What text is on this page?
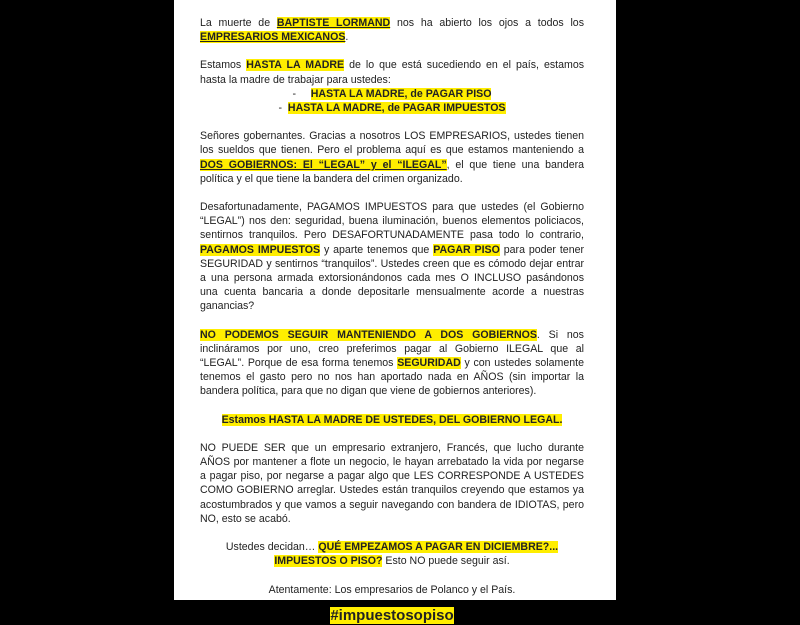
La muerte de BAPTISTE LORMAND nos ha abierto los ojos a todos los EMPRESARIOS MEXICANOS.

Estamos HASTA LA MADRE de lo que está sucediendo en el país, estamos hasta la madre de trabajar para ustedes:

- HASTA LA MADRE, de PAGAR PISO

- HASTA LA MADRE, de PAGAR IMPUESTOS

Señores gobernantes. Gracias a nosotros LOS EMPRESARIOS, ustedes tienen los sueldos que tienen. Pero el problema aquí es que estamos manteniendo a DOS GOBIERNOS: El “LEGAL” y el “ILEGAL”, el que tiene una bandera política y el que tiene la bandera del crimen organizado.

Desafortunadamente, PAGAMOS IMPUESTOS para que ustedes (el Gobierno “LEGAL”) nos den: seguridad, buena iluminación, buenos elementos policiacos, sentirnos tranquilos. Pero DESAFORTUNADAMENTE pasa todo lo contrario, PAGAMOS IMPUESTOS y aparte tenemos que PAGAR PISO para poder tener SEGURIDAD y sentirnos “tranquilos”. Ustedes creen que es cómodo dejar entrar a una persona armada extorsionándonos cada mes O INCLUSO pasándonos una cuenta bancaria a donde depositarle mensualmente acorde a nuestras ganancias?

NO PODEMOS SEGUIR MANTENIENDO A DOS GOBIERNOS. Si nos inclináramos por uno, creo preferimos pagar al Gobierno ILEGAL que al “LEGAL”. Porque de esa forma tenemos SEGURIDAD y con ustedes solamente tenemos el gasto pero no nos han aportado nada en AÑOS (sin importar la bandera política, para que no digan que viene de gobiernos anteriores).

Estamos HASTA LA MADRE DE USTEDES, DEL GOBIERNO LEGAL.

NO PUEDE SER que un empresario extranjero, Francés, que lucho durante AÑOS por mantener a flote un negocio, le hayan arrebatado la vida por negarse a pagar piso, por negarse a pagar algo que LES CORRESPONDE A USTEDES COMO GOBIERNO arreglar. Ustedes están tranquilos creyendo que estamos ya acostumbrados y que vamos a seguir navegando con bandera de IDIOTAS, pero NO, esto se acabó.

Ustedes decidan… QUÉ EMPEZAMOS A PAGAR EN DICIEMBRE?... IMPUESTOS O PISO? Esto NO puede seguir así.

Atentamente: Los empresarios de Polanco y el País.

#impuestosopiso
